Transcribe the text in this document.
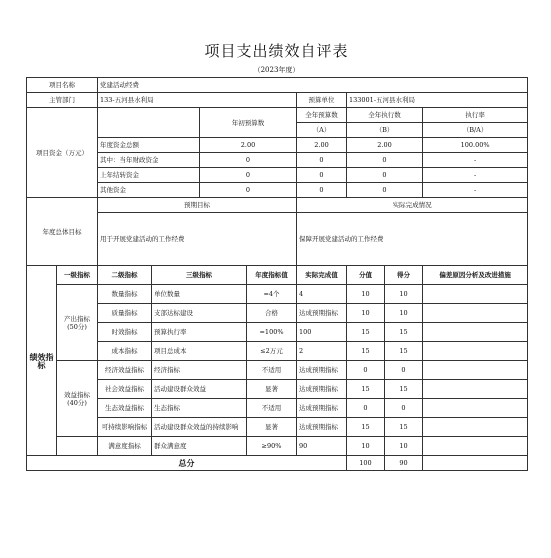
项目支出绩效自评表
（2023年度）
项目名称		党建活动经费							
主管部门		133-五河县水利局				预算单位	133001-五河县水利局		
项目资金（万元）				年初预算数		全年预算数	全年执行数		执行率
						（A）	（B）		（B/A）
		年度资金总额		2.00		2.00	2.00		100.00%
		其中：当年财政资金		0		0	0		-
		上年结转资金		0		0	0		-
		其他资金		0		0	0		-
年度总体目标		预期目标				实际完成情况			
		用于开展党建活动的工作经费				保障开展党建活动的工作经费			
绩效指标	一级指标	二级指标	三级指标		年度指标值	实际完成值	分值	得分	偏差原因分析及改进措施
	产出指标(50分)	数量指标	单位数量		=4个	4	10	10	
		质量指标	支部达标建设		合格	达成预期指标	10	10	
		时效指标	预算执行率		=100%	100	15	15	
		成本指标	项目总成本		≤2万元	2	15	15	
	效益指标(40分)	经济效益指标	经济指标		不适用	达成预期指标	0	0	
		社会效益指标	活动建设群众效益		显著	达成预期指标	15	15	
		生态效益指标	生态指标		不适用	达成预期指标	0	0	
		可持续影响指标	活动建设群众效益的持续影响		显著	达成预期指标	15	15	
		满意度指标	群众满意度		≥90%	90	10	10	
总分							100	90	
